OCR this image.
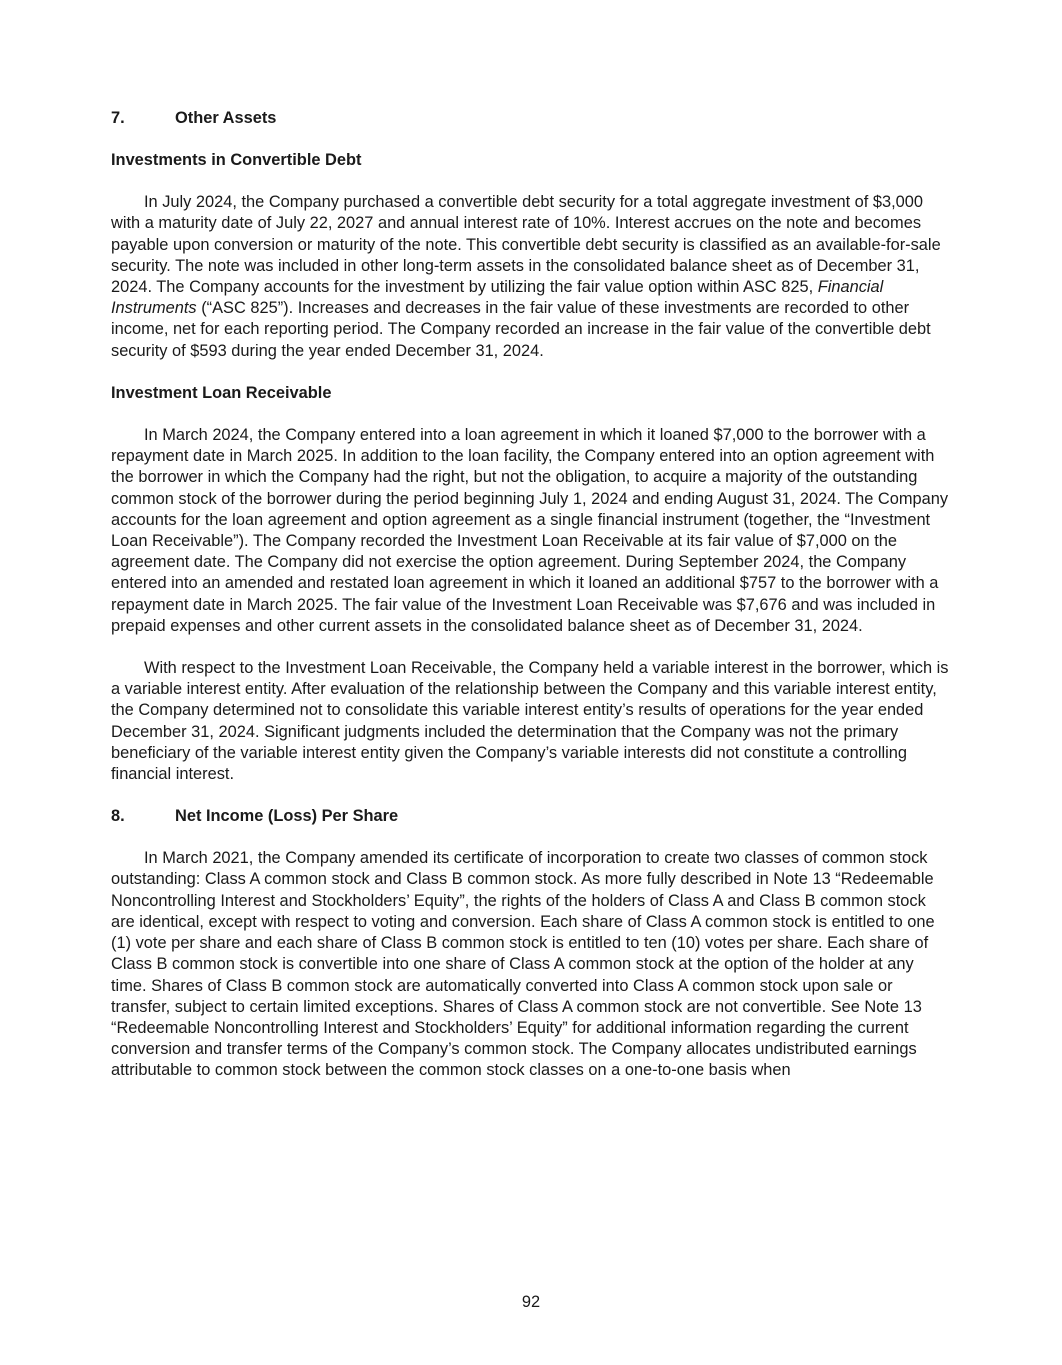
7.	Other Assets
Investments in Convertible Debt

In July 2024, the Company purchased a convertible debt security for a total aggregate investment of $3,000 with a maturity date of July 22, 2027 and annual interest rate of 10%. Interest accrues on the note and becomes payable upon conversion or maturity of the note. This convertible debt security is classified as an available-for-sale security. The note was included in other long-term assets in the consolidated balance sheet as of December 31, 2024. The Company accounts for the investment by utilizing the fair value option within ASC 825, Financial Instruments (“ASC 825”). Increases and decreases in the fair value of these investments are recorded to other income, net for each reporting period. The Company recorded an increase in the fair value of the convertible debt security of $593 during the year ended December 31, 2024.

Investment Loan Receivable

In March 2024, the Company entered into a loan agreement in which it loaned $7,000 to the borrower with a repayment date in March 2025. In addition to the loan facility, the Company entered into an option agreement with the borrower in which the Company had the right, but not the obligation, to acquire a majority of the outstanding common stock of the borrower during the period beginning July 1, 2024 and ending August 31, 2024. The Company accounts for the loan agreement and option agreement as a single financial instrument (together, the “Investment Loan Receivable”). The Company recorded the Investment Loan Receivable at its fair value of $7,000 on the agreement date. The Company did not exercise the option agreement. During September 2024, the Company entered into an amended and restated loan agreement in which it loaned an additional $757 to the borrower with a repayment date in March 2025. The fair value of the Investment Loan Receivable was $7,676 and was included in prepaid expenses and other current assets in the consolidated balance sheet as of December 31, 2024.

With respect to the Investment Loan Receivable, the Company held a variable interest in the borrower, which is a variable interest entity. After evaluation of the relationship between the Company and this variable interest entity, the Company determined not to consolidate this variable interest entity’s results of operations for the year ended December 31, 2024. Significant judgments included the determination that the Company was not the primary beneficiary of the variable interest entity given the Company’s variable interests did not constitute a controlling financial interest.

8.	Net Income (Loss) Per Share

In March 2021, the Company amended its certificate of incorporation to create two classes of common stock outstanding: Class A common stock and Class B common stock. As more fully described in Note 13 “Redeemable Noncontrolling Interest and Stockholders’ Equity”, the rights of the holders of Class A and Class B common stock are identical, except with respect to voting and conversion. Each share of Class A common stock is entitled to one (1) vote per share and each share of Class B common stock is entitled to ten (10) votes per share. Each share of Class B common stock is convertible into one share of Class A common stock at the option of the holder at any time. Shares of Class B common stock are automatically converted into Class A common stock upon sale or transfer, subject to certain limited exceptions. Shares of Class A common stock are not convertible. See Note 13 “Redeemable Noncontrolling Interest and Stockholders’ Equity” for additional information regarding the current conversion and transfer terms of the Company’s common stock. The Company allocates undistributed earnings attributable to common stock between the common stock classes on a one-to-one basis when

92
